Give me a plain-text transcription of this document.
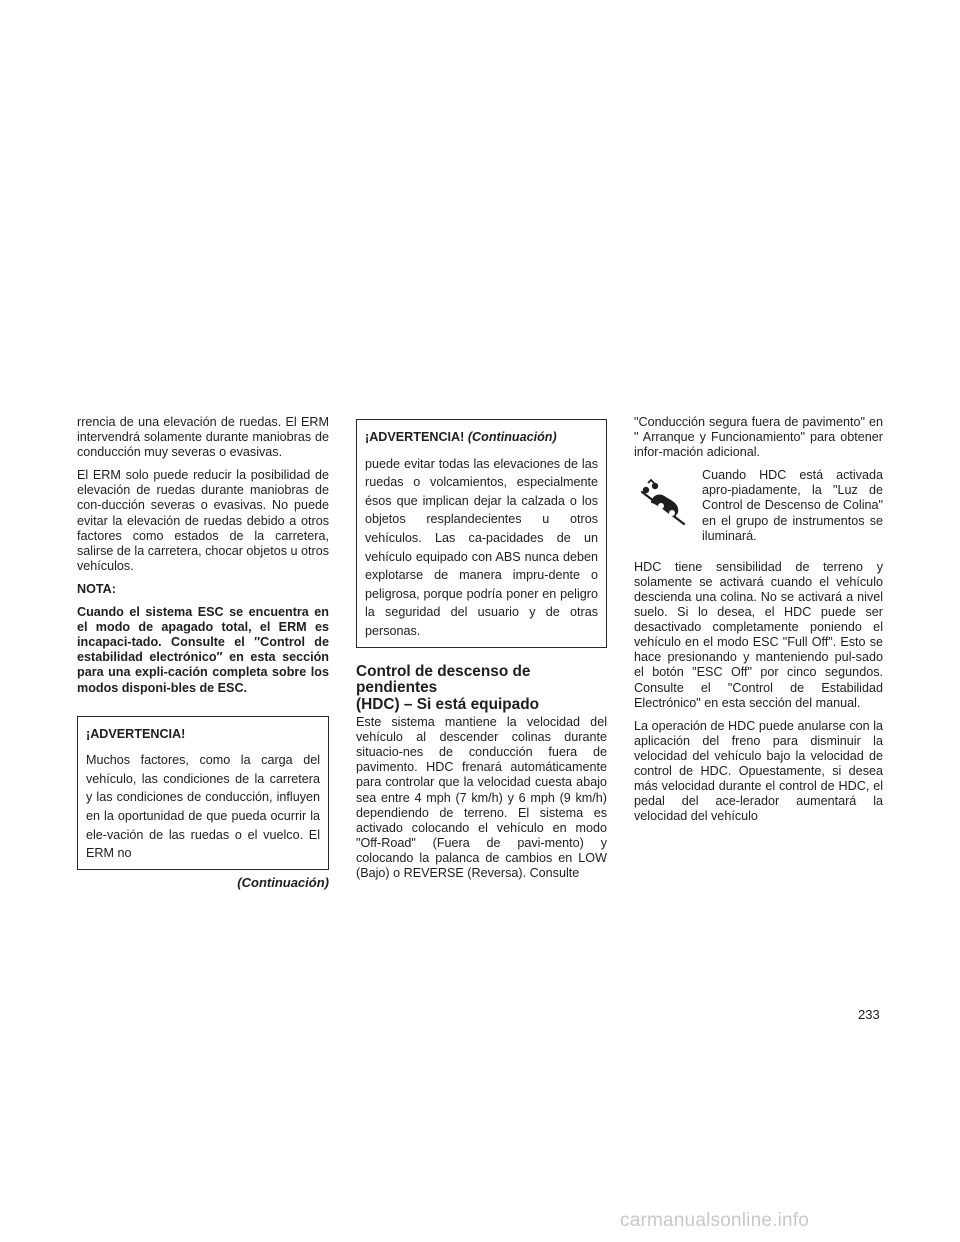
rrencia de una elevación de ruedas. El ERM intervendrá solamente durante maniobras de conducción muy severas o evasivas.

El ERM solo puede reducir la posibilidad de elevación de ruedas durante maniobras de con-ducción severas o evasivas. No puede evitar la elevación de ruedas debido a otros factores como estados de la carretera, salirse de la carretera, chocar objetos u otros vehículos.

NOTA:

Cuando el sistema ESC se encuentra en el modo de apagado total, el ERM es incapaci-tado. Consulte el ″Control de estabilidad electrónico″ en esta sección para una expli-cación completa sobre los modos disponi-bles de ESC.

¡ADVERTENCIA!

Muchos factores, como la carga del vehículo, las condiciones de la carretera y las condiciones de conducción, influyen en la oportunidad de que pueda ocurrir la ele-vación de las ruedas o el vuelco. El ERM no

(Continuación)

¡ADVERTENCIA! (Continuación)

puede evitar todas las elevaciones de las ruedas o volcamientos, especialmente ésos que implican dejar la calzada o los objetos resplandecientes u otros vehículos. Las ca-pacidades de un vehículo equipado con ABS nunca deben explotarse de manera impru-dente o peligrosa, porque podría poner en peligro la seguridad del usuario y de otras personas.

Control de descenso de pendientes
(HDC) – Si está equipado

Este sistema mantiene la velocidad del vehículo al descender colinas durante situacio-nes de conducción fuera de pavimento. HDC frenará automáticamente para controlar que la velocidad cuesta abajo sea entre 4 mph (7 km/h) y 6 mph (9 km/h) dependiendo de terreno. El sistema es activado colocando el vehículo en modo "Off-Road" (Fuera de pavi-mento) y colocando la palanca de cambios en LOW (Bajo) o REVERSE (Reversa). Consulte

"Conducción segura fuera de pavimento" en " Arranque y Funcionamiento" para obtener infor-mación adicional.

Cuando HDC está activada apro-piadamente, la "Luz de Control de Descenso de Colina" en el grupo de instrumentos se iluminará.

HDC tiene sensibilidad de terreno y solamente se activará cuando el vehículo descienda una colina. No se activará a nivel suelo. Si lo desea, el HDC puede ser desactivado completamente poniendo el vehículo en el modo ESC "Full Off". Esto se hace presionando y manteniendo pul-sado el botón "ESC Off" por cinco segundos. Consulte el "Control de Estabilidad Electrónico" en esta sección del manual.

La operación de HDC puede anularse con la aplicación del freno para disminuir la velocidad del vehículo bajo la velocidad de control de HDC. Opuestamente, si desea más velocidad durante el control de HDC, el pedal del ace-lerador aumentará la velocidad del vehículo

233
carmanualsonline.info
